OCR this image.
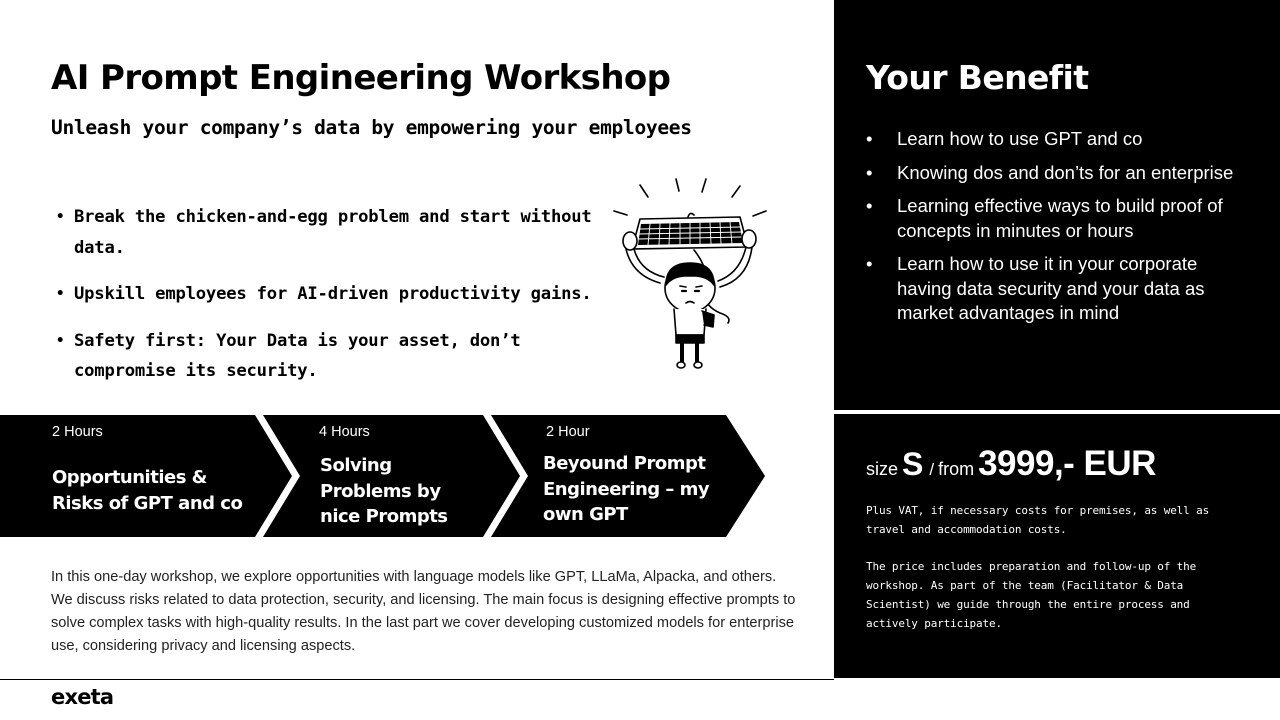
AI Prompt Engineering Workshop
Unleash your company’s data by empowering your employees
• Break the chicken-and-egg problem and start without data.
• Upskill employees for AI-driven productivity gains.
• Safety first: Your Data is your asset, don’t compromise its security.
2 Hours
Opportunities & Risks of GPT and co
4 Hours
Solving Problems by nice Prompts
2 Hour
Beyound Prompt Engineering – my own GPT

In this one-day workshop, we explore opportunities with language models like GPT, LLaMa, Alpacka, and others. We discuss risks related to data protection, security, and licensing. The main focus is designing effective prompts to solve complex tasks with high-quality results. In the last part we cover developing customized models for enterprise use, considering privacy and licensing aspects.

exeta
Your Benefit
• Learn how to use GPT and co
• Knowing dos and don’ts for an enterprise
• Learning effective ways to build proof of concepts in minutes or hours
• Learn how to use it in your corporate having data security and your data as market advantages in mind
size S / from 3999,- EUR

Plus VAT, if necessary costs for premises, as well as travel and accommodation costs.

The price includes preparation and follow-up of the workshop. As part of the team (Facilitator & Data Scientist) we guide through the entire process and actively participate.
